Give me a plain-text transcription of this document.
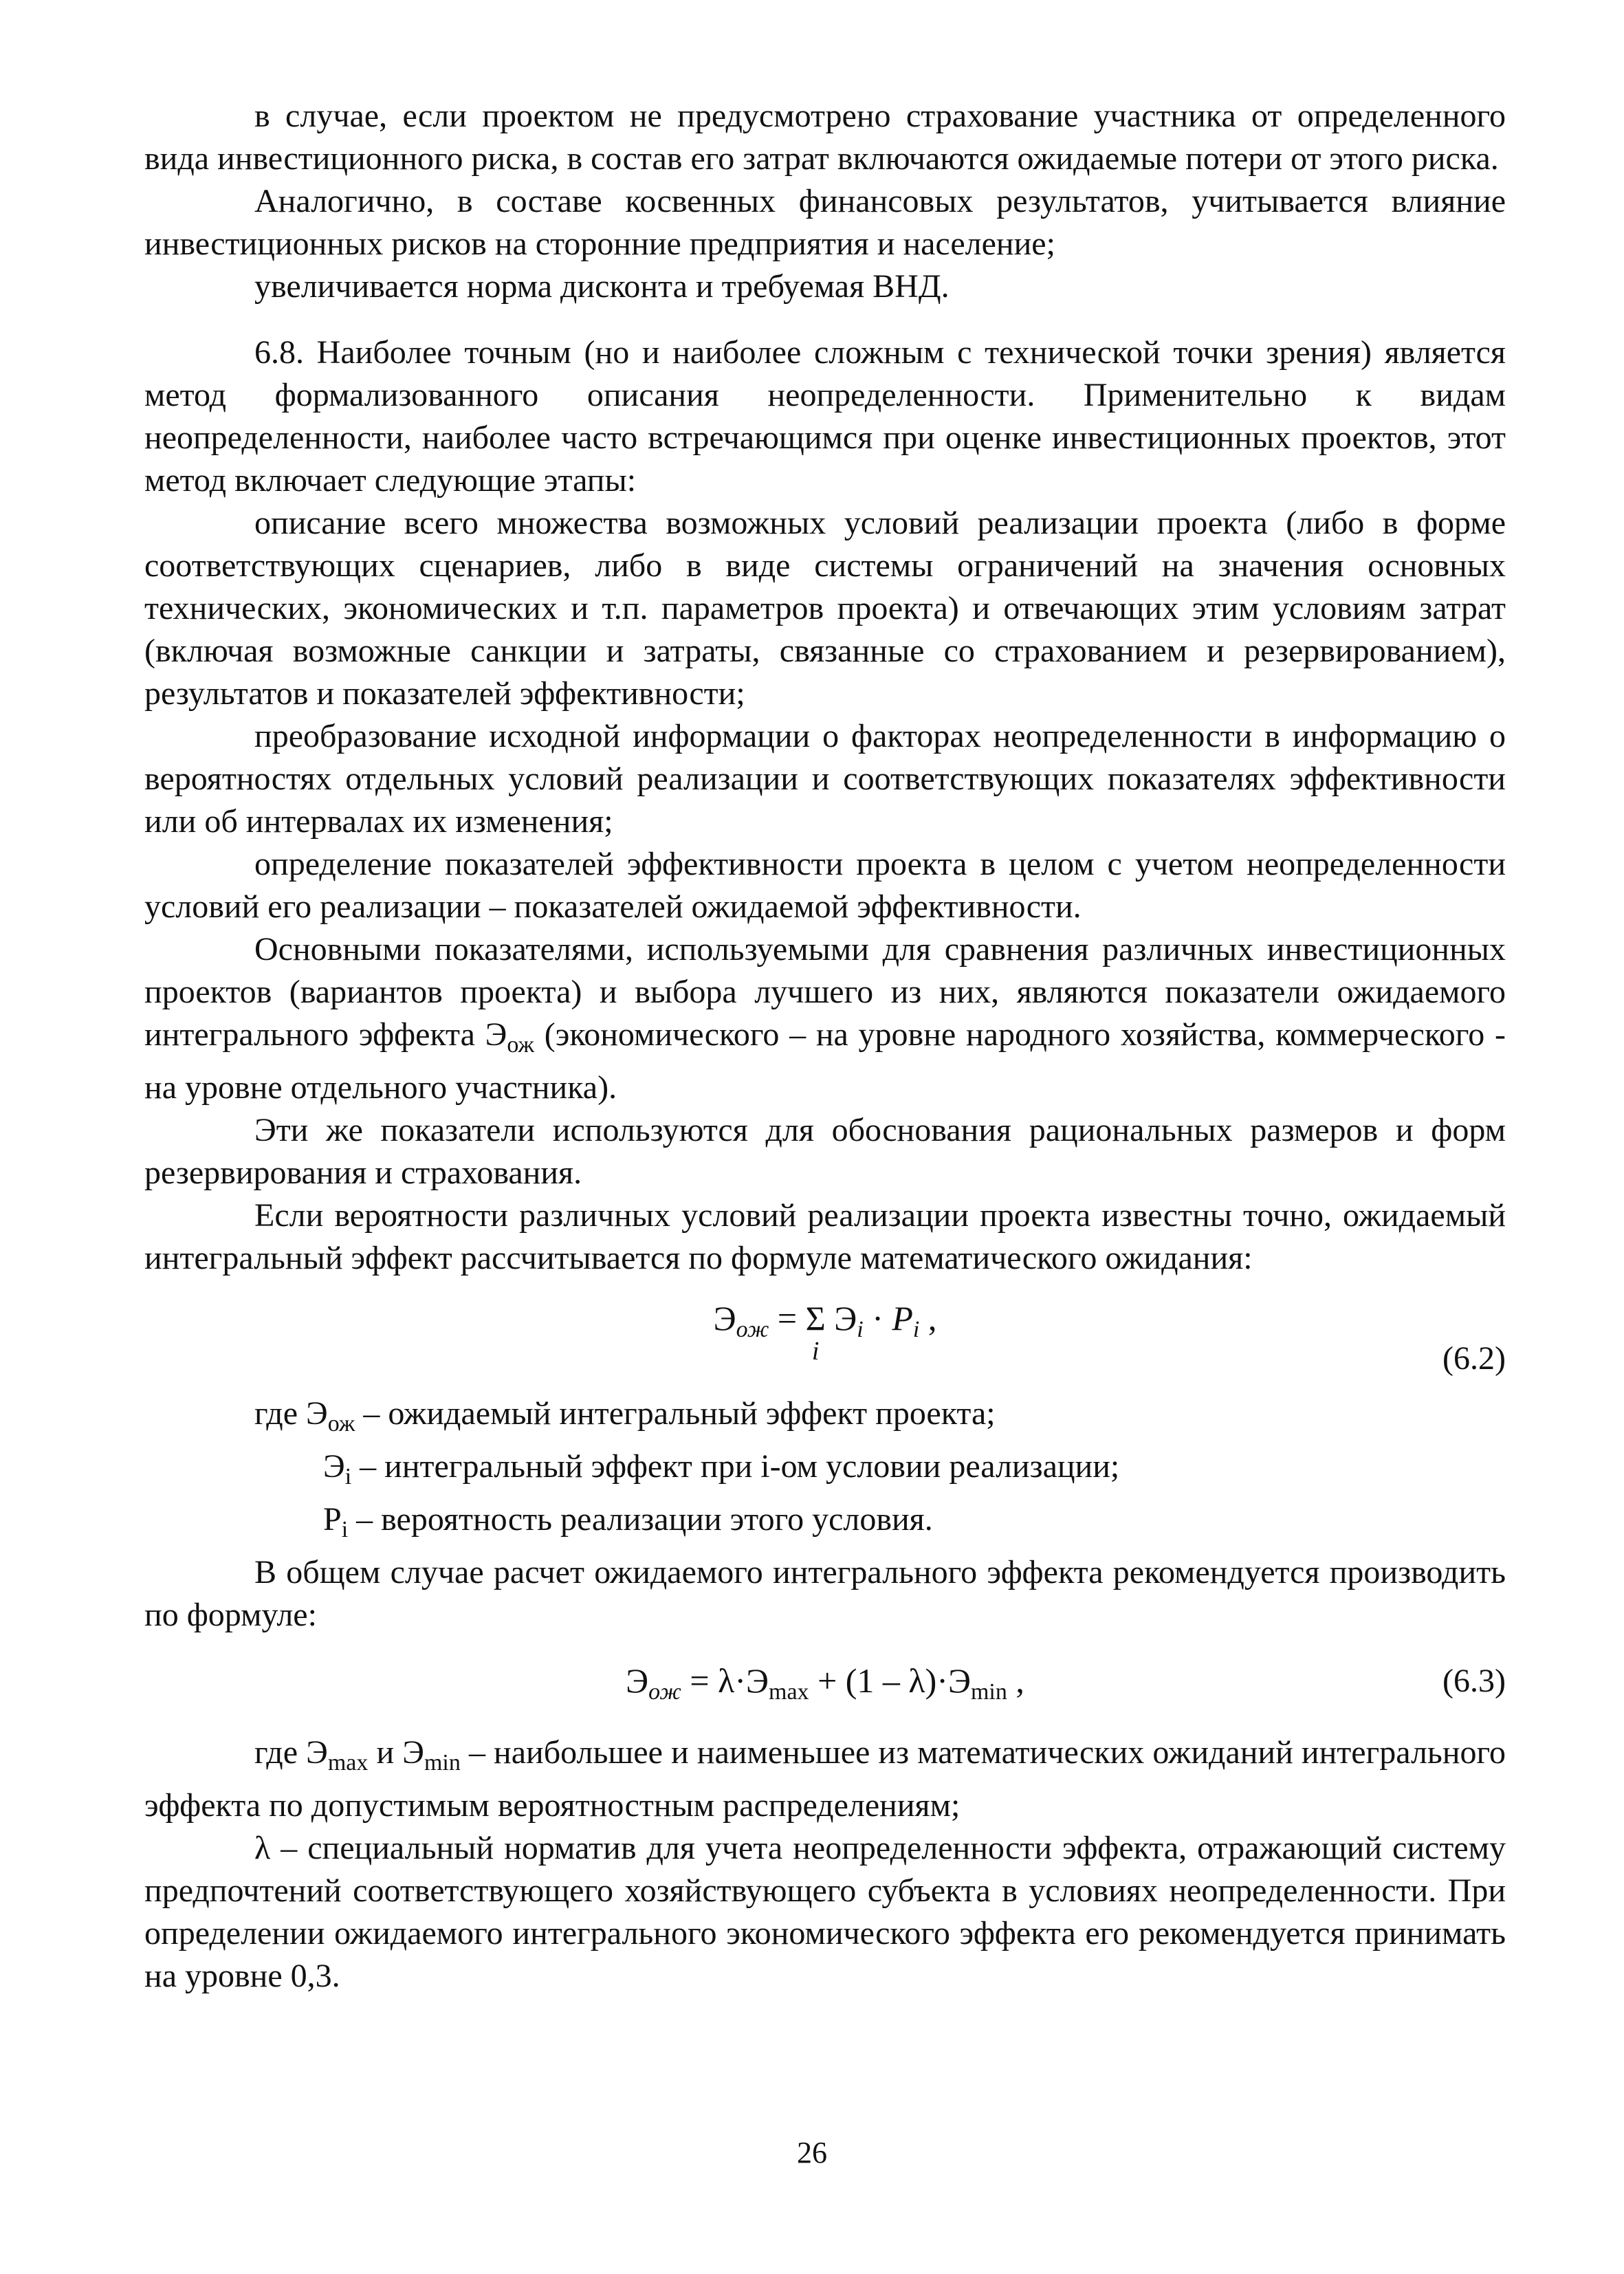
в случае, если проектом не предусмотрено страхование участника от определенного вида инвестиционного риска, в состав его затрат включаются ожидаемые потери от этого риска.

Аналогично, в составе косвенных финансовых результатов, учитывается влияние инвестиционных рисков на сторонние предприятия и население;

увеличивается норма дисконта и требуемая ВНД.

6.8. Наиболее точным (но и наиболее сложным с технической точки зрения) является метод формализованного описания неопределенности. Применительно к видам неопределенности, наиболее часто встречающимся при оценке инвестиционных проектов, этот метод включает следующие этапы:

описание всего множества возможных условий реализации проекта (либо в форме соответствующих сценариев, либо в виде системы ограничений на значения основных технических, экономических и т.п. параметров проекта) и отвечающих этим условиям затрат (включая возможные санкции и затраты, связанные со страхованием и резервированием), результатов и показателей эффективности;

преобразование исходной информации о факторах неопределенности в информацию о вероятностях отдельных условий реализации и соответствующих показателях эффективности или об интервалах их изменения;

определение показателей эффективности проекта в целом с учетом неопределенности условий его реализации – показателей ожидаемой эффективности.

Основными показателями, используемыми для сравнения различных инвестиционных проектов (вариантов проекта) и выбора лучшего из них, являются показатели ожидаемого интегрального эффекта $Э_{ож}$ (экономического – на уровне народного хозяйства, коммерческого - на уровне отдельного участника).

Эти же показатели используются для обоснования рациональных размеров и форм резервирования и страхования.

Если вероятности различных условий реализации проекта известны точно, ожидаемый интегральный эффект рассчитывается по формуле математического ожидания:

$Э_{ож} = \Sigma$
i
$Э_i \cdot P_i$ ,
(6.2)
где $Э_{ож}$ – ожидаемый интегральный эффект проекта;
$Э_i$ – интегральный эффект при i-ом условии реализации;
$P_i$ – вероятность реализации этого условия.

В общем случае расчет ожидаемого интегрального эффекта рекомендуется производить по формуле:

$Э_{ож} = \lambda\cdot Э_{max} + (1 - \lambda)\cdot Э_{min}$ ,	(6.3)

где $Э_{max}$ и $Э_{min}$ – наибольшее и наименьшее из математических ожиданий интегрального эффекта по допустимым вероятностным распределениям;

λ – специальный норматив для учета неопределенности эффекта, отражающий систему предпочтений соответствующего хозяйствующего субъекта в условиях неопределенности. При определении ожидаемого интегрального экономического эффекта его рекомендуется принимать на уровне 0,3.

26
